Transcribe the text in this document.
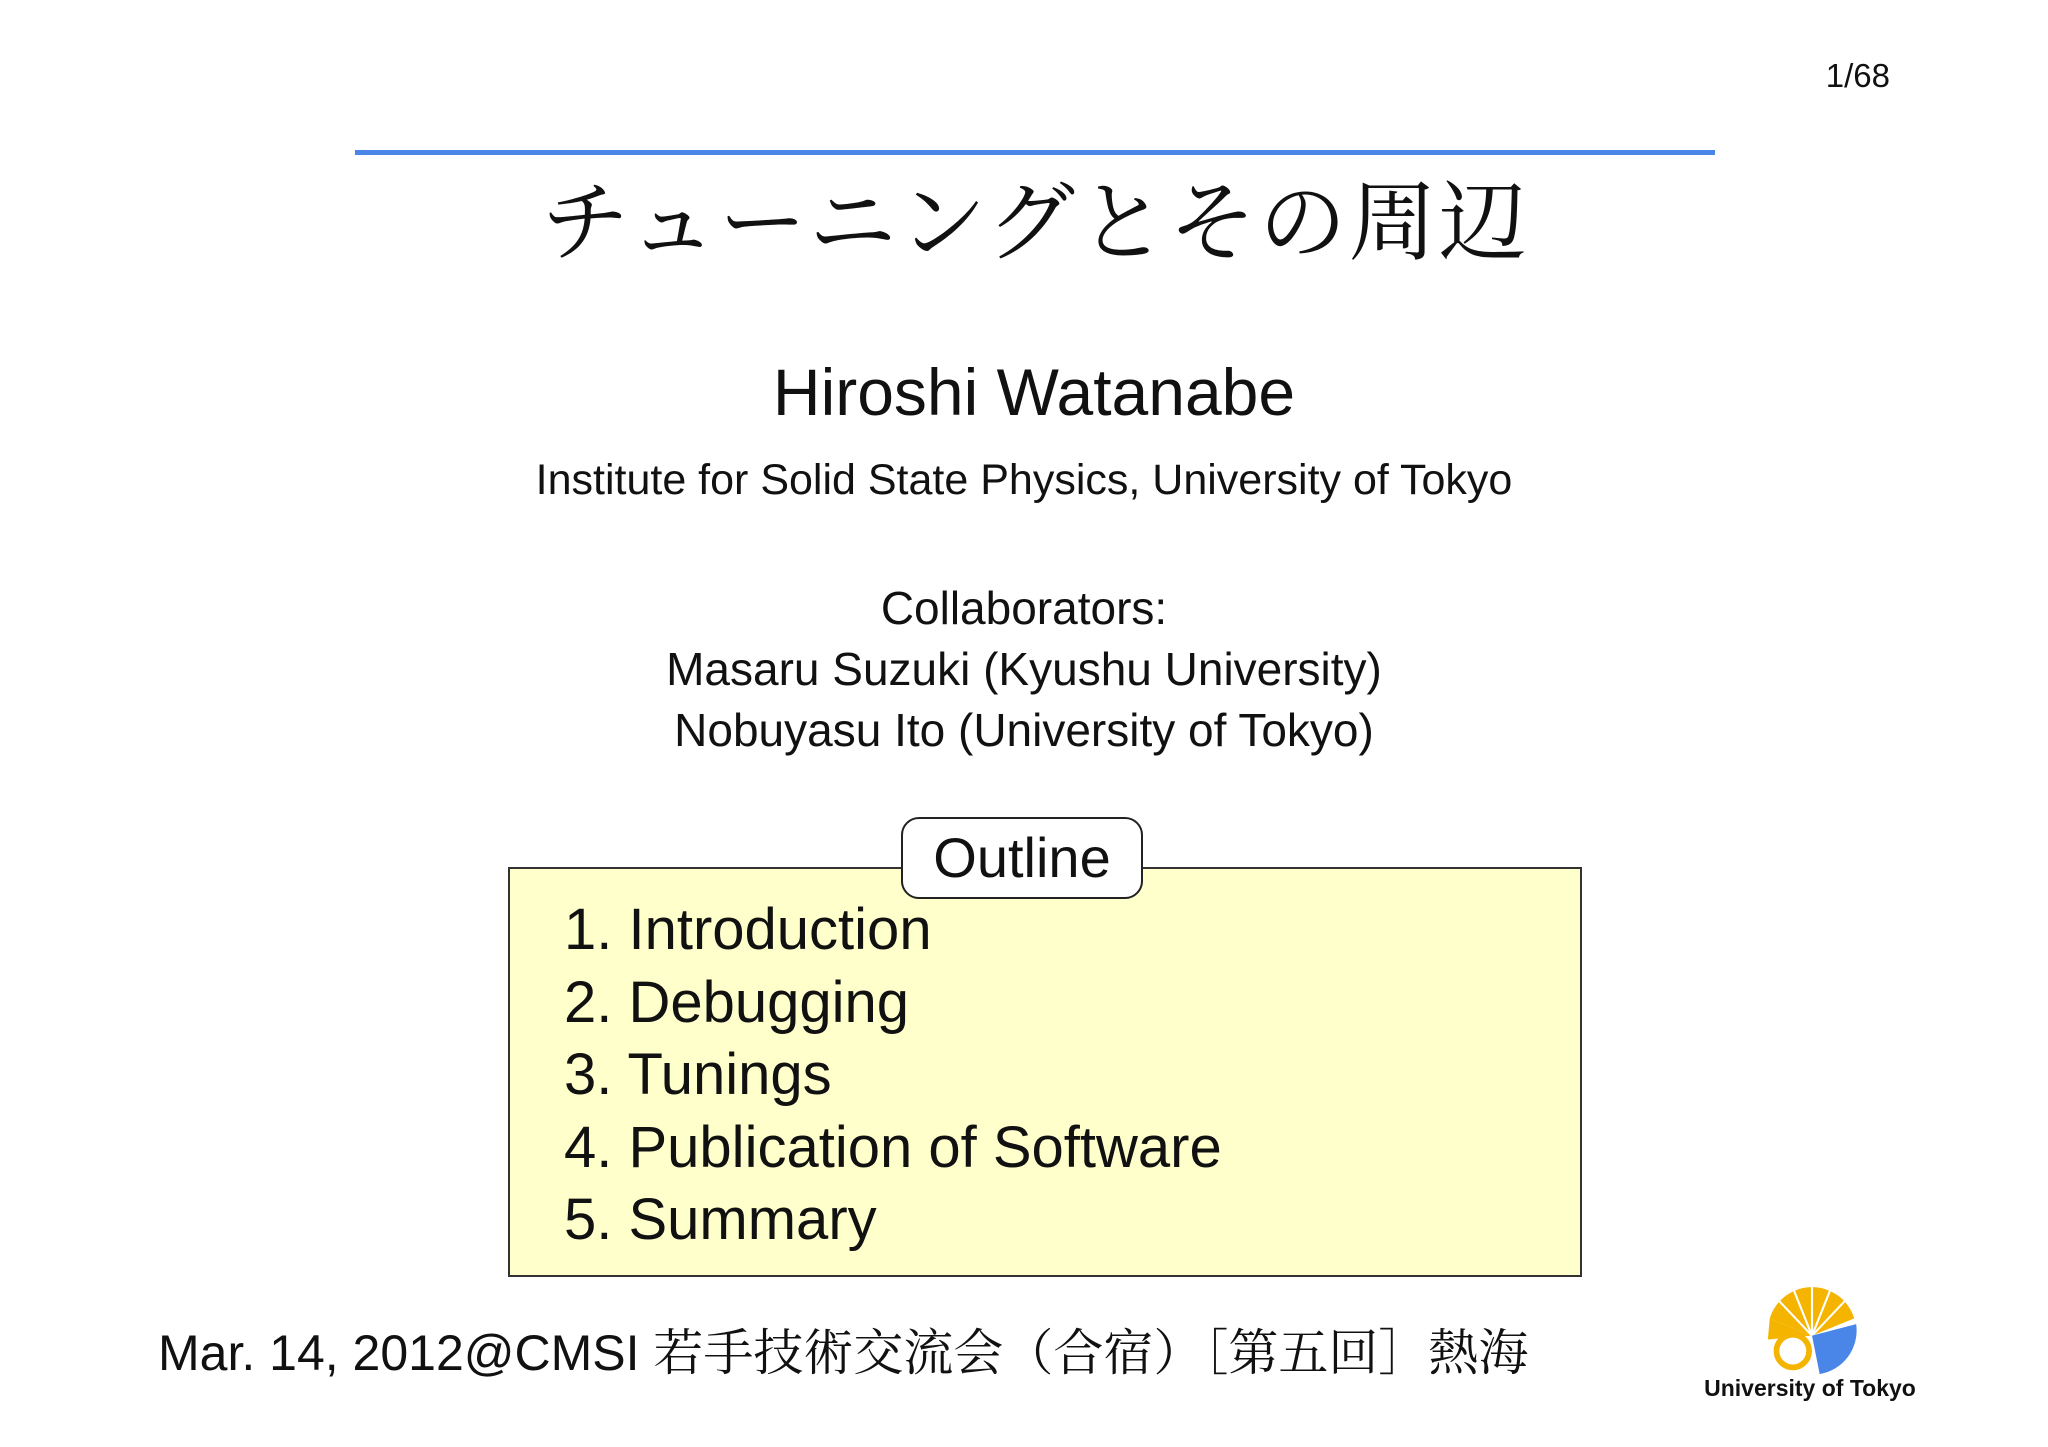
1/68
チューニングとその周辺
Hiroshi Watanabe
Institute for Solid State Physics, University of Tokyo
Collaborators:
Masaru Suzuki (Kyushu University)
Nobuyasu Ito (University of Tokyo)
Outline
1. Introduction
2. Debugging
3. Tunings
4. Publication of Software
5. Summary
Mar. 14, 2012@CMSI 若手技術交流会（合宿）［第五回］熱海
University of Tokyo
